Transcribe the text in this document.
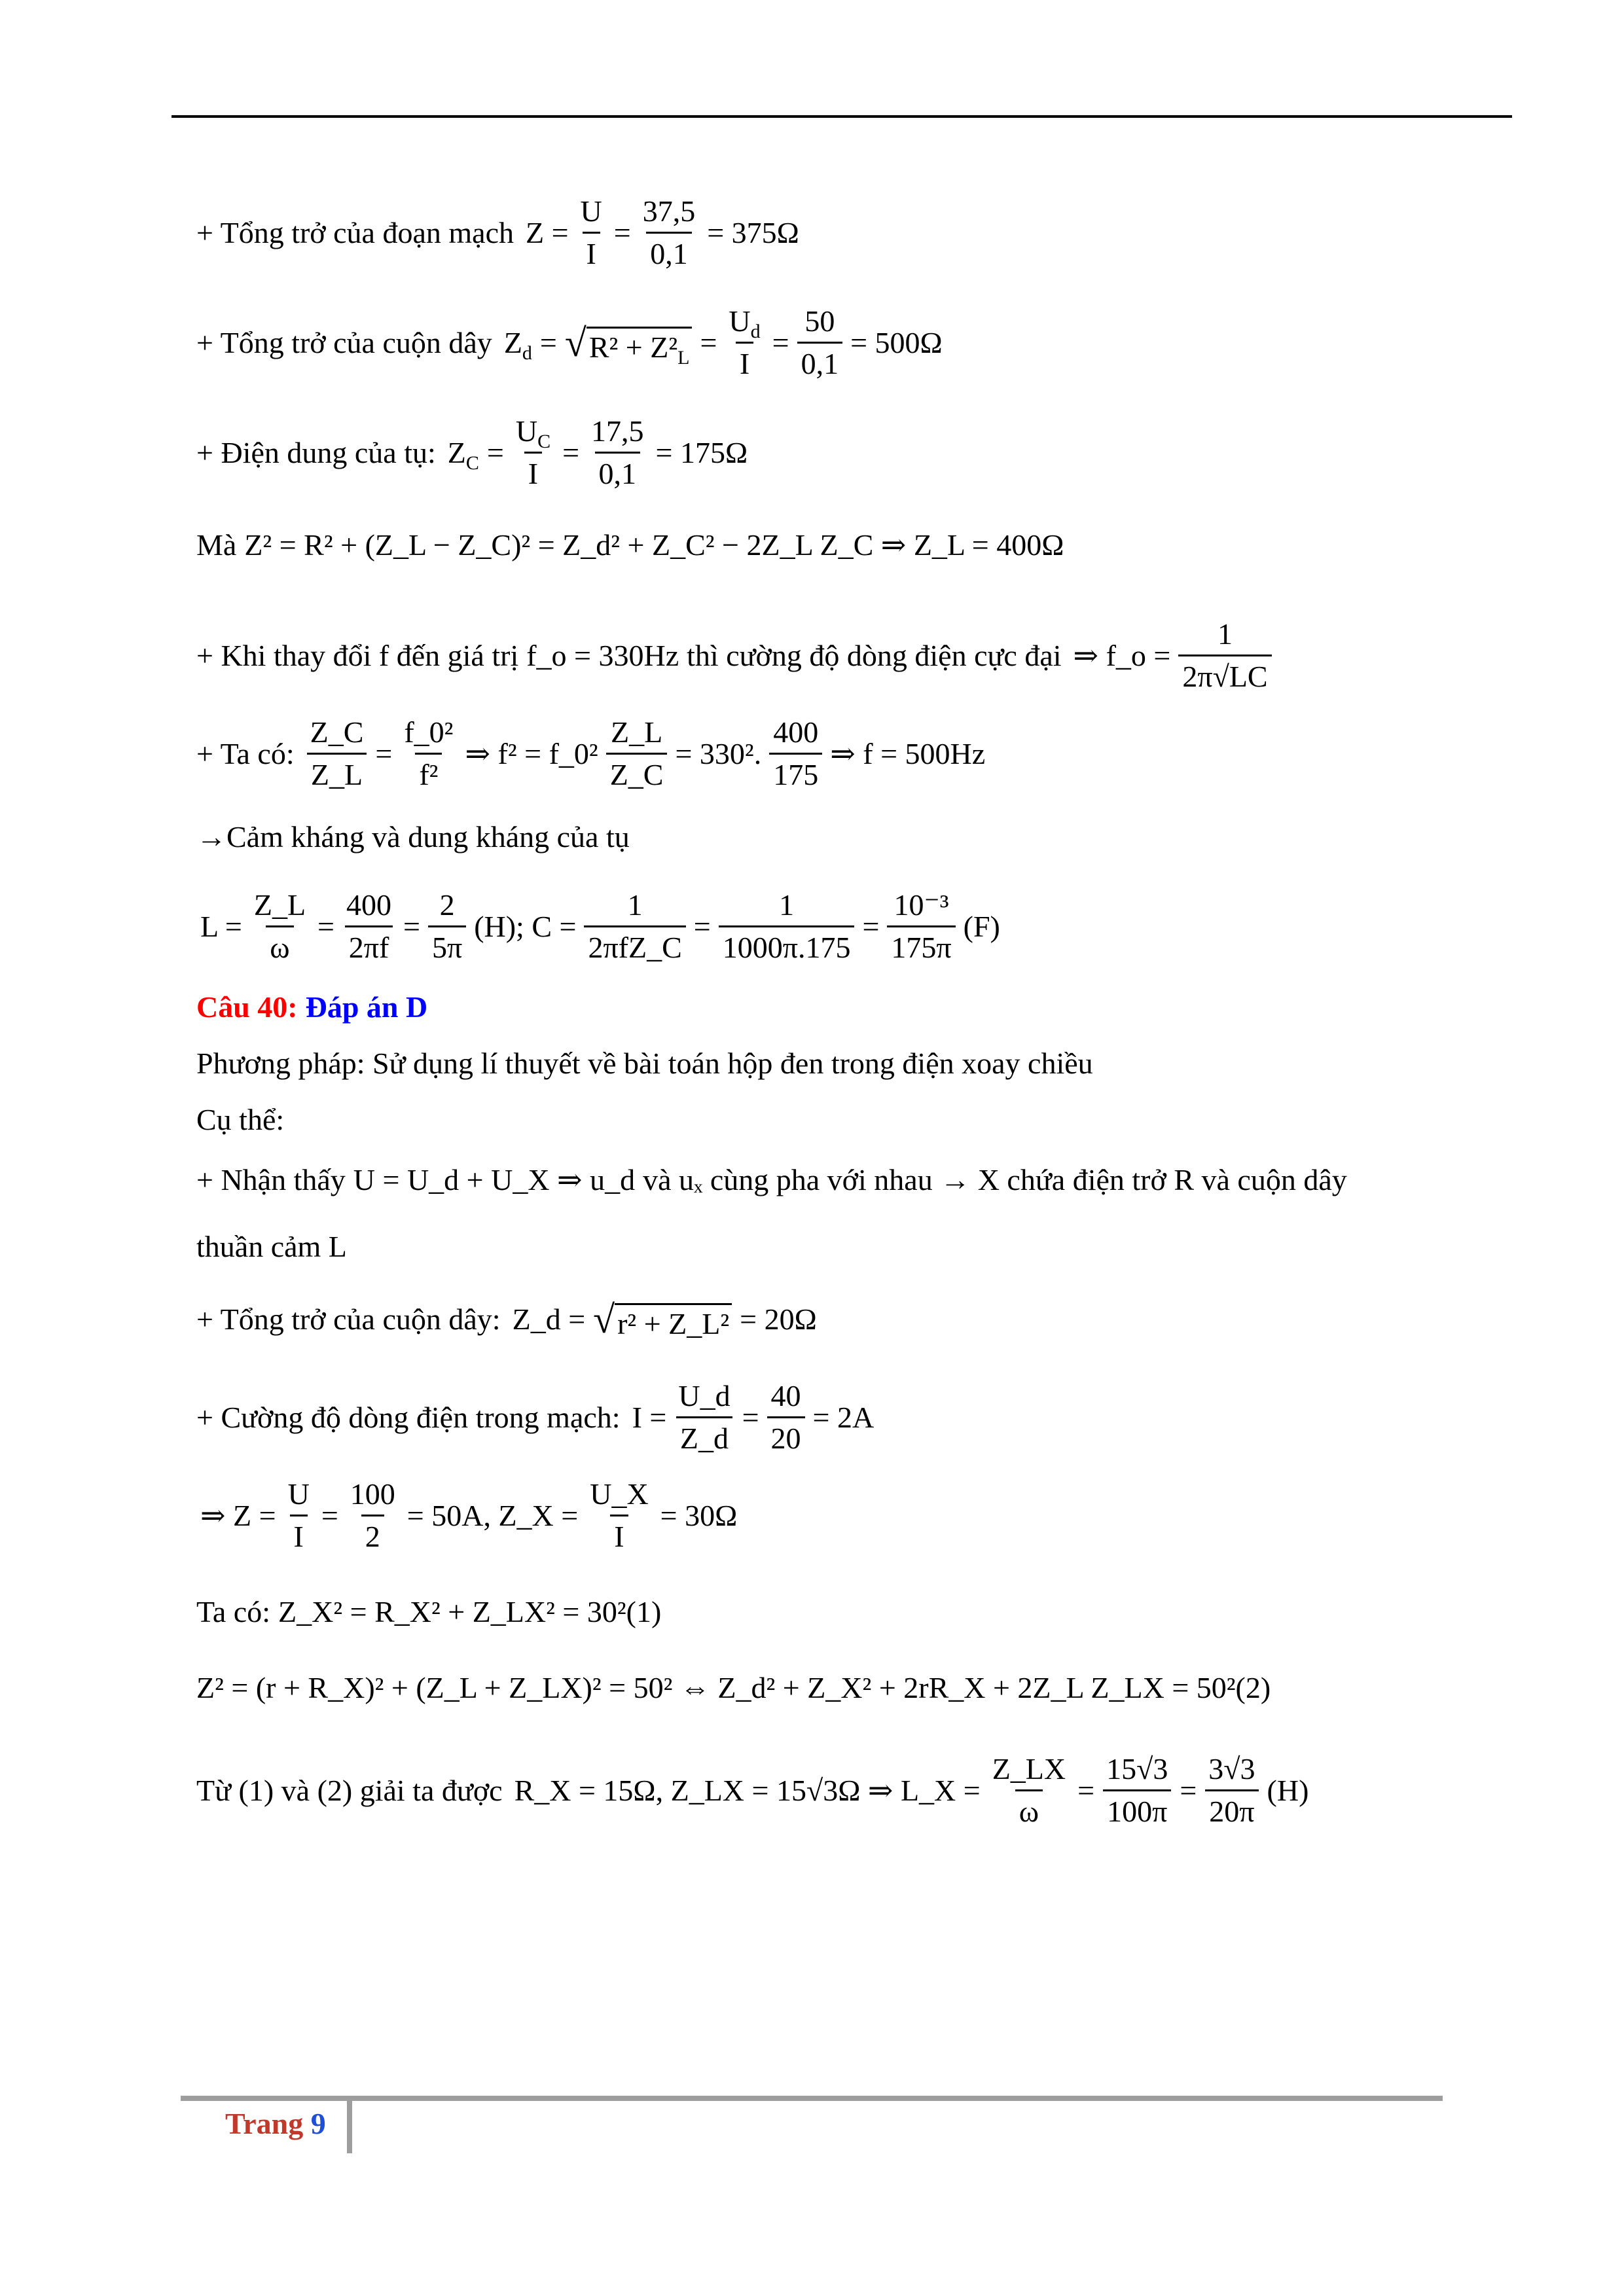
+ Tổng trở của đoạn mạch $Z = \frac{U}{I} = \frac{37,5}{0,1} = 375\Omega$
+ Tổng trở của cuộn dây $Z_d$ = √ $R^2 + Z^2_L = \frac{U_d}{I} = \frac{50}{0,1} = 500\Omega$
+ Điện dung của tụ: $Z_C = \frac{U_C}{I} = \frac{17,5}{0,1} = 175\Omega$
Mà Z² = R² + (Z_L − Z_C)² = Z_d² + Z_C² − 2Z_L Z_C ⇒ Z_L = 400Ω
+ Khi thay đổi f đến giá trị f_o = 330Hz thì cường độ dòng điện cực đại ⇒ f_o = $\frac{1}{2\pi√LC}$
+ Ta có: $\frac{Z\_C}{Z\_L} = \frac{\text{f\_0²}}{\text{f²}}$ ⇒ f² = f_0² $\frac{Z\_L}{Z\_C} = 330^2$. $\frac{400}{175}$ ⇒ f = 500Hz
→Cảm kháng và dung kháng của tụ
$L = \frac{Z\_L}{\omega} = \frac{400}{2\pi f} = \frac{2}{5\pi} (H)$; $C = \frac{1}{\text{2πfZ\_C}} = \frac{1}{1000\pi.175} = \frac{\text{10⁻³}}{175\pi} (F)$
Câu 40: Đáp án D
Phương pháp: Sử dụng lí thuyết về bài toán hộp đen trong điện xoay chiều
Cụ thể:
+ Nhận thấy U = U_d + U_X ⇒ u_d và uₓ cùng pha với nhau → X chứa điện trở R và cuộn dây
thuần cảm L
+ Tổng trở của cuộn dây: Z_d = √ r² + Z_L² = 20Ω
+ Cường độ dòng điện trong mạch: $I = \frac{U\_d}{Z\_d} = \frac{40}{20} = 2A$
⇒ $Z = \frac{U}{I} = \frac{100}{2} = 50A$, Z_X = $\frac{U\_X}{I} = 30\Omega$
Ta có: Z_X² = R_X² + Z_LX² = 30²(1)
Z² = (r + R_X)² + (Z_L + Z_LX)² = 50² ⇔ Z_d² + Z_X² + 2rR_X + 2Z_L Z_LX = 50²(2)
Từ (1) và (2) giải ta được R_X = 15Ω, Z_LX = 15√3Ω ⇒ L_X = $\frac{Z\_LX}{\omega} = \frac{15√3}{100\pi} = \frac{3√3}{20\pi} (H)$
Trang 9
